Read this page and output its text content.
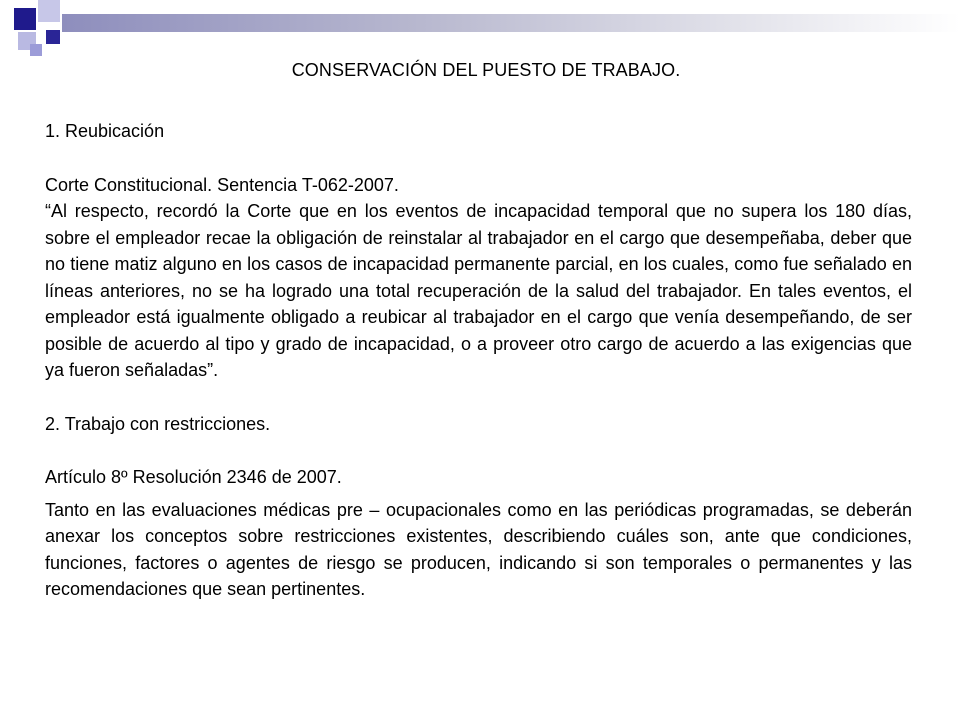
CONSERVACIÓN DEL PUESTO DE TRABAJO.

1. Reubicación

Corte Constitucional. Sentencia T-062-2007.

“Al respecto, recordó la Corte que en los eventos de incapacidad temporal que no supera los 180 días, sobre el empleador recae la obligación de reinstalar al trabajador en el cargo que desempeñaba, deber que no tiene matiz alguno en los casos de incapacidad permanente parcial, en los cuales, como fue señalado en líneas anteriores, no se ha logrado una total recuperación de la salud del trabajador. En tales eventos, el empleador está igualmente obligado a reubicar al trabajador en el cargo que venía desempeñando, de ser posible de acuerdo al tipo y grado de incapacidad, o a proveer otro cargo de acuerdo a las exigencias que ya fueron señaladas”.

2. Trabajo con restricciones.

Artículo 8º Resolución 2346 de 2007.

Tanto en las evaluaciones médicas pre – ocupacionales como en las periódicas programadas, se deberán anexar los conceptos sobre restricciones existentes, describiendo cuáles son, ante que condiciones, funciones, factores o agentes de riesgo se producen, indicando si son temporales o permanentes y las recomendaciones que sean pertinentes.
